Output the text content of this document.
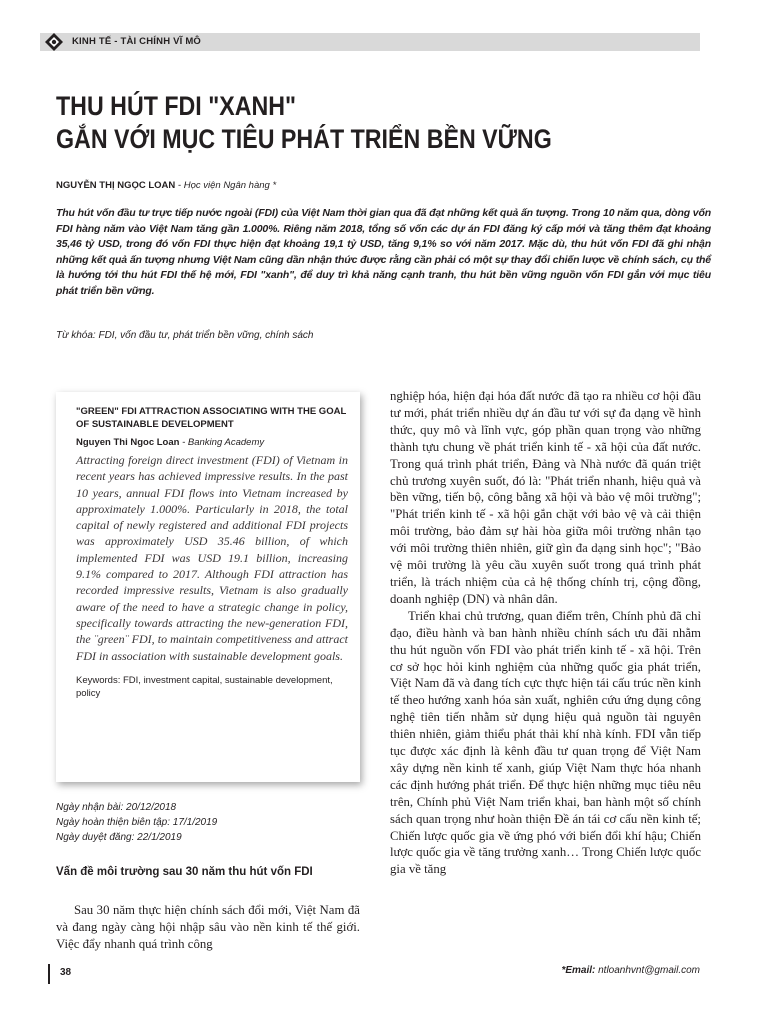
KINH TẾ - TÀI CHÍNH VĨ MÔ
THU HÚT FDI "XANH"
GẮN VỚI MỤC TIÊU PHÁT TRIỂN BỀN VỮNG
NGUYỄN THỊ NGỌC LOAN - Học viện Ngân hàng *

Thu hút vốn đầu tư trực tiếp nước ngoài (FDI) của Việt Nam thời gian qua đã đạt những kết quả ấn tượng. Trong 10 năm qua, dòng vốn FDI hàng năm vào Việt Nam tăng gần 1.000%. Riêng năm 2018, tổng số vốn các dự án FDI đăng ký cấp mới và tăng thêm đạt khoảng 35,46 tỷ USD, trong đó vốn FDI thực hiện đạt khoảng 19,1 tỷ USD, tăng 9,1% so với năm 2017. Mặc dù, thu hút vốn FDI đã ghi nhận những kết quả ấn tượng nhưng Việt Nam cũng dần nhận thức được rằng cần phải có một sự thay đổi chiến lược về chính sách, cụ thể là hướng tới thu hút FDI thế hệ mới, FDI "xanh", để duy trì khả năng cạnh tranh, thu hút bền vững nguồn vốn FDI gắn với mục tiêu phát triển bền vững.

Từ khóa: FDI, vốn đầu tư, phát triển bền vững, chính sách

"GREEN" FDI ATTRACTION ASSOCIATING WITH THE GOAL OF SUSTAINABLE DEVELOPMENT

Nguyen Thi Ngoc Loan - Banking Academy

Attracting foreign direct investment (FDI) of Vietnam in recent years has achieved impressive results. In the past 10 years, annual FDI flows into Vietnam increased by approximately 1.000%. Particularly in 2018, the total capital of newly registered and additional FDI projects was approximately USD 35.46 billion, of which implemented FDI was USD 19.1 billion, increasing 9.1% compared to 2017. Although FDI attraction has recorded impressive results, Vietnam is also gradually aware of the need to have a strategic change in policy, specifically towards attracting the new-generation FDI, the ¨green¨ FDI, to maintain competitiveness and attract FDI in association with sustainable development goals.

Keywords: FDI, investment capital, sustainable development, policy

Ngày nhận bài: 20/12/2018
Ngày hoàn thiện biên tập: 17/1/2019
Ngày duyệt đăng: 22/1/2019
Vấn đề môi trường sau 30 năm thu hút vốn FDI

Sau 30 năm thực hiện chính sách đổi mới, Việt Nam đã và đang ngày càng hội nhập sâu vào nền kinh tế thế giới. Việc đẩy nhanh quá trình công

nghiệp hóa, hiện đại hóa đất nước đã tạo ra nhiều cơ hội đầu tư mới, phát triển nhiều dự án đầu tư với sự đa dạng về hình thức, quy mô và lĩnh vực, góp phần quan trọng vào những thành tựu chung về phát triển kinh tế - xã hội của đất nước. Trong quá trình phát triển, Đảng và Nhà nước đã quán triệt chủ trương xuyên suốt, đó là: "Phát triển nhanh, hiệu quả và bền vững, tiến bộ, công bằng xã hội và bảo vệ môi trường"; "Phát triển kinh tế - xã hội gắn chặt với bảo vệ và cải thiện môi trường, bảo đảm sự hài hòa giữa môi trường nhân tạo với môi trường thiên nhiên, giữ gìn đa dạng sinh học"; "Bảo vệ môi trường là yêu cầu xuyên suốt trong quá trình phát triển, là trách nhiệm của cả hệ thống chính trị, cộng đồng, doanh nghiệp (DN) và nhân dân.

Triển khai chủ trương, quan điểm trên, Chính phủ đã chỉ đạo, điều hành và ban hành nhiều chính sách ưu đãi nhằm thu hút nguồn vốn FDI vào phát triển kinh tế - xã hội. Trên cơ sở học hỏi kinh nghiệm của những quốc gia phát triển, Việt Nam đã và đang tích cực thực hiện tái cấu trúc nền kinh tế theo hướng xanh hóa sản xuất, nghiên cứu ứng dụng công nghệ tiên tiến nhằm sử dụng hiệu quả nguồn tài nguyên thiên nhiên, giảm thiểu phát thải khí nhà kính. FDI vẫn tiếp tục được xác định là kênh đầu tư quan trọng để Việt Nam xây dựng nền kinh tế xanh, giúp Việt Nam thực hóa nhanh các định hướng phát triển. Để thực hiện những mục tiêu nêu trên, Chính phủ Việt Nam triển khai, ban hành một số chính sách quan trọng như hoàn thiện Đề án tái cơ cấu nền kinh tế; Chiến lược quốc gia về ứng phó với biến đổi khí hậu; Chiến lược quốc gia về tăng trưởng xanh… Trong Chiến lược quốc gia về tăng

38	*Email: ntloanhvnt@gmail.com
